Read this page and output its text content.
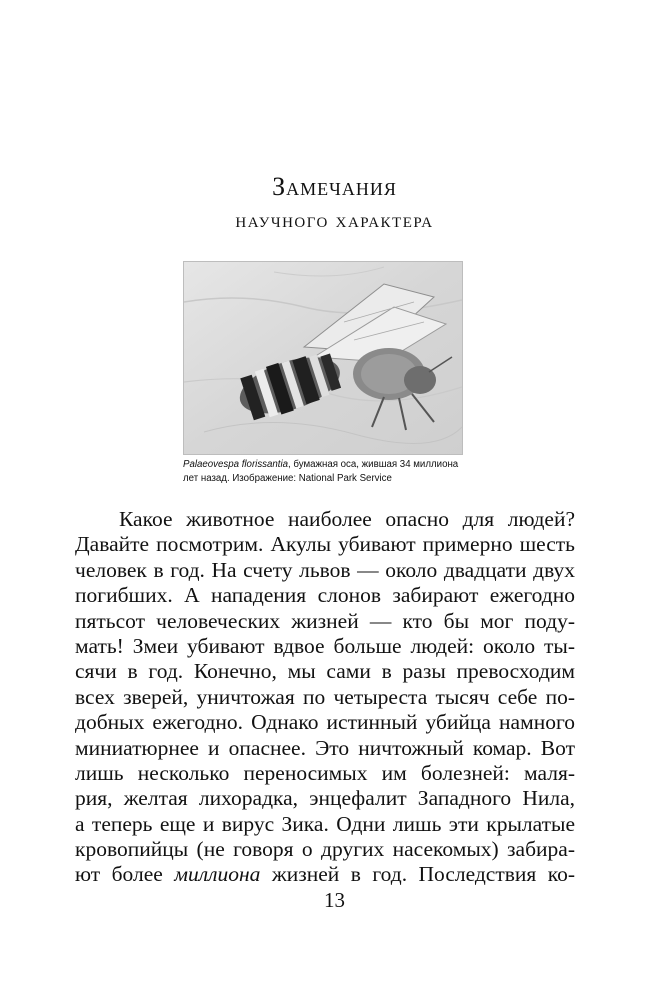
Замечания
научного характера
Palaeovespa florissantia, бумажная оса, жившая 34 миллиона
лет назад. Изображение: National Park Service
Какое животное наиболее опасно для людей?
Давайте посмотрим. Акулы убивают примерно шесть
человек в год. На счету львов — около двадцати двух
погибших. А нападения слонов забирают ежегодно
пятьсот человеческих жизней — кто бы мог поду-
мать! Змеи убивают вдвое больше людей: около ты-
сячи в год. Конечно, мы сами в разы превосходим
всех зверей, уничтожая по четыреста тысяч себе по-
добных ежегодно. Однако истинный убийца намного
миниатюрнее и опаснее. Это ничтожный комар. Вот
лишь несколько переносимых им болезней: маля-
рия, желтая лихорадка, энцефалит Западного Нила,
а теперь еще и вирус Зика. Одни лишь эти крылатые
кровопийцы (не говоря о других насекомых) забира-
ют более миллиона жизней в год. Последствия ко-
13
